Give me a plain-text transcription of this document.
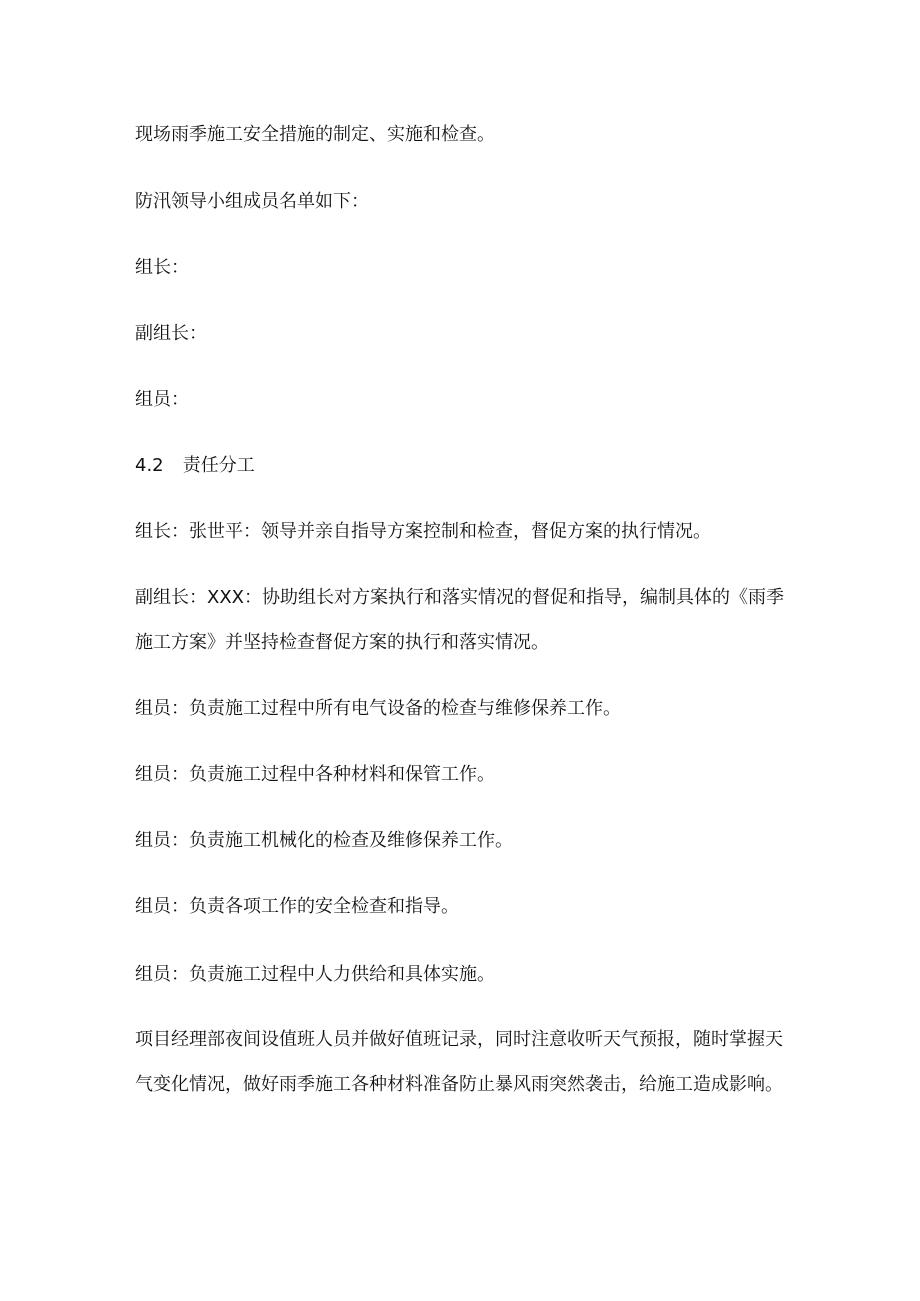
现场雨季施工安全措施的制定、实施和检查。

防汛领导小组成员名单如下：

组长：

副组长：

组员：

4.2 责任分工

组长：张世平：领导并亲自指导方案控制和检查，督促方案的执行情况。

副组长：XXX：协助组长对方案执行和落实情况的督促和指导，编制具体的《雨季施工方案》并坚持检查督促方案的执行和落实情况。

组员：负责施工过程中所有电气设备的检查与维修保养工作。

组员：负责施工过程中各种材料和保管工作。

组员：负责施工机械化的检查及维修保养工作。

组员：负责各项工作的安全检查和指导。

组员：负责施工过程中人力供给和具体实施。

项目经理部夜间设值班人员并做好值班记录，同时注意收听天气预报，随时掌握天气变化情况，做好雨季施工各种材料准备防止暴风雨突然袭击，给施工造成影响。
